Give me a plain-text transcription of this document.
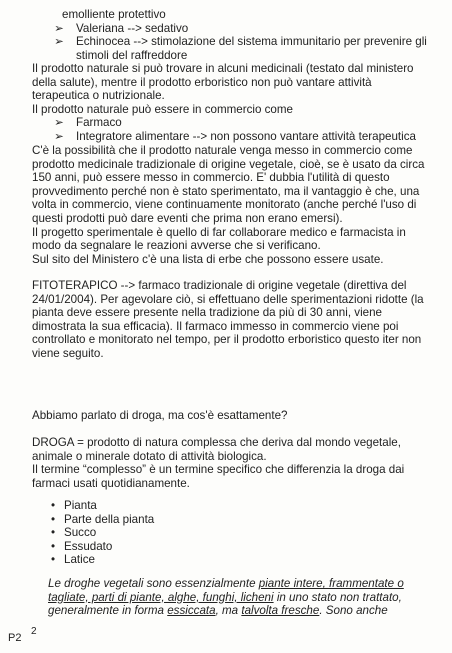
emolliente protettivo
➢ Valeriana --> sedativo
➢ Echinocea --> stimolazione del sistema immunitario per prevenire gli
stimoli del raffreddore
Il prodotto naturale si può trovare in alcuni medicinali (testato dal ministero
della salute), mentre il prodotto erboristico non può vantare attività
terapeutica o nutrizionale.
Il prodotto naturale può essere in commercio come
➢ Farmaco
➢ Integratore alimentare --> non possono vantare attività terapeutica
C'è la possibilità che il prodotto naturale venga messo in commercio come
prodotto medicinale tradizionale di origine vegetale, cioè, se è usato da circa
150 anni, può essere messo in commercio. E' dubbia l'utilità di questo
provvedimento perché non è stato sperimentato, ma il vantaggio è che, una
volta in commercio, viene continuamente monitorato (anche perché l'uso di
questi prodotti può dare eventi che prima non erano emersi).
Il progetto sperimentale è quello di far collaborare medico e farmacista in
modo da segnalare le reazioni avverse che si verificano.
Sul sito del Ministero c'è una lista di erbe che possono essere usate.
FITOTERAPICO --> farmaco tradizionale di origine vegetale (direttiva del
24/01/2004). Per agevolare ciò, si effettuano delle sperimentazioni ridotte (la
pianta deve essere presente nella tradizione da più di 30 anni, viene
dimostrata la sua efficacia). Il farmaco immesso in commercio viene poi
controllato e monitorato nel tempo, per il prodotto erboristico questo iter non
viene seguito.
Abbiamo parlato di droga, ma cos'è esattamente?
DROGA = prodotto di natura complessa che deriva dal mondo vegetale,
animale o minerale dotato di attività biologica.
Il termine “complesso” è un termine specifico che differenzia la droga dai
farmaci usati quotidianamente.
• Pianta
• Parte della pianta
• Succo
• Essudato
• Latice
Le droghe vegetali sono essenzialmente piante intere, frammentate o
tagliate, parti di piante, alghe, funghi, licheni in uno stato non trattato,
generalmente in forma essiccata, ma talvolta fresche. Sono anche
P2
2
